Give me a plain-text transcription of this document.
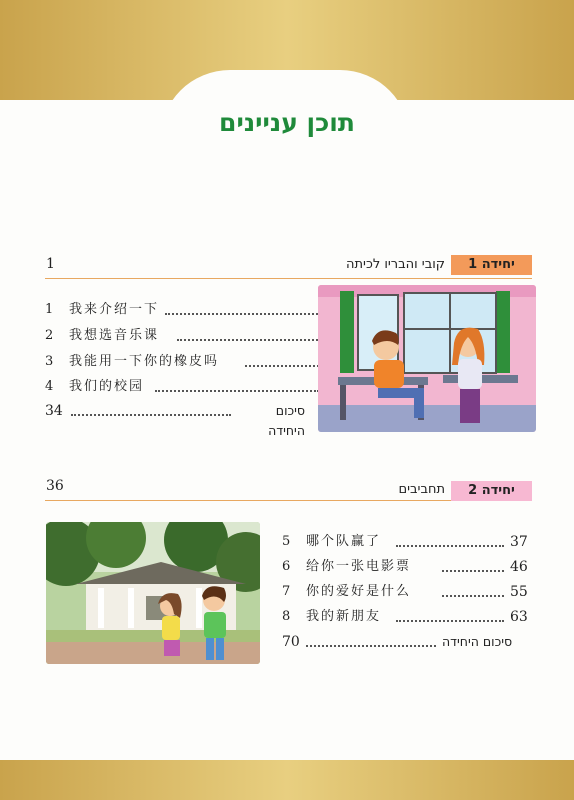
תוכן עניינים
1	קובי והבריו לכיתה	יחידה 1
1 我来介绍一下
2 我想选音乐课
3 我能用一下你的橡皮吗
4 我们的校园
34	סיכום היחידה
36	תחביבים	יחידה 2
5 哪个队赢了	37
6 给你一张电影票	46
7 你的爱好是什么	55
8 我的新朋友	63
70	סיכום היחידה
